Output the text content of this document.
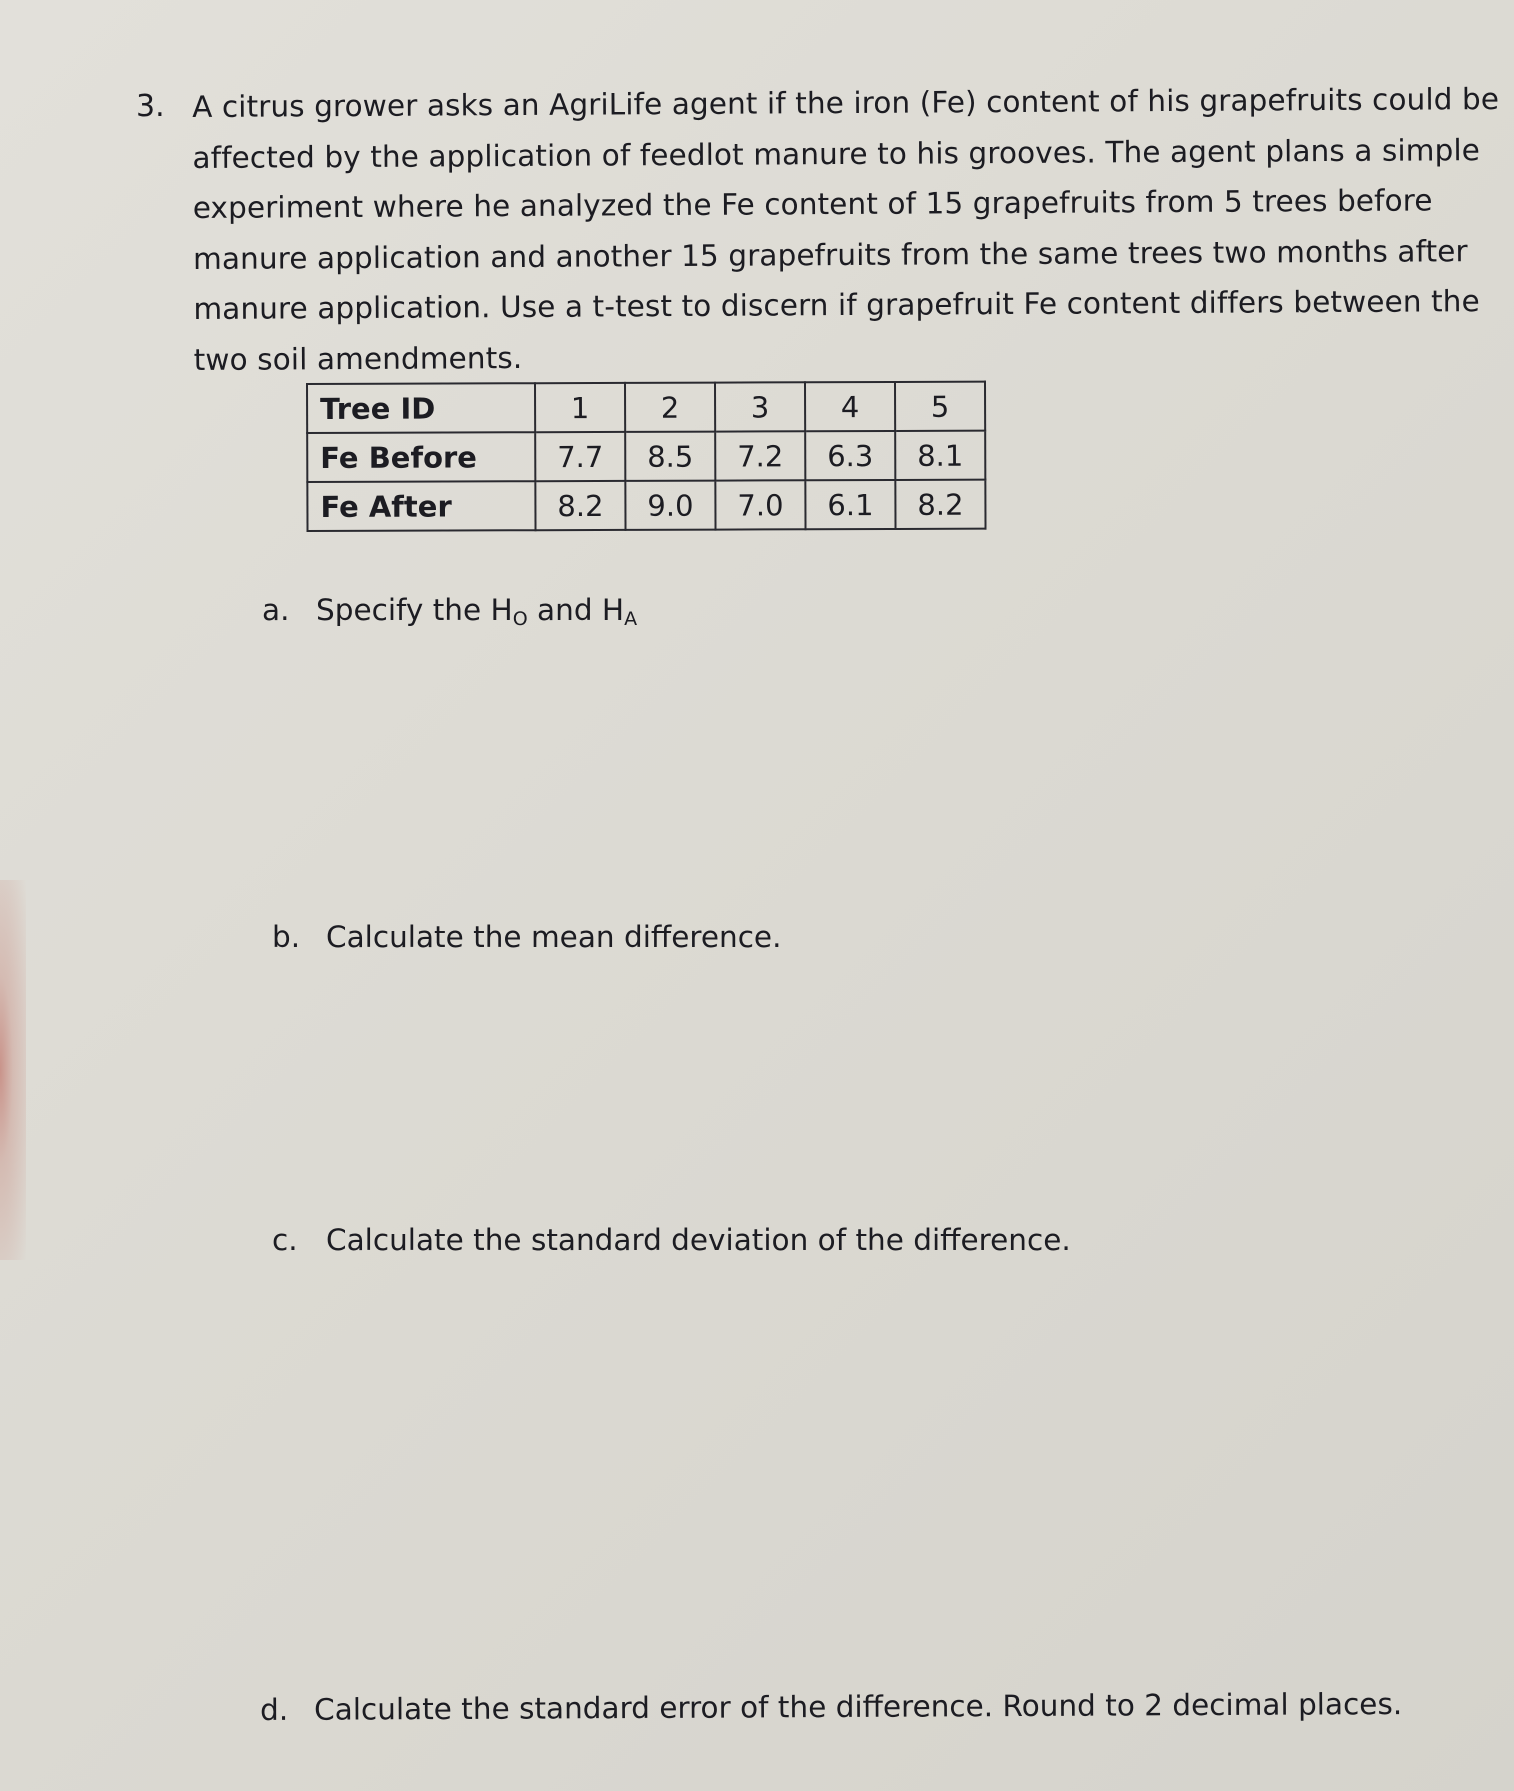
3. A citrus grower asks an AgriLife agent if the iron (Fe) content of his grapefruits could be

affected by the application of feedlot manure to his grooves. The agent plans a simple

experiment where he analyzed the Fe content of 15 grapefruits from 5 trees before

manure application and another 15 grapefruits from the same trees two months after

manure application. Use a t-test to discern if grapefruit Fe content differs between the

two soil amendments.

Tree ID	1	2	3	4	5
Fe Before	7.7	8.5	7.2	6.3	8.1
Fe After	8.2	9.0	7.0	6.1	8.2
a. Specify the $H_O$ and $H_A$
b. Calculate the mean difference.
c. Calculate the standard deviation of the difference.
d. Calculate the standard error of the difference. Round to 2 decimal places.
